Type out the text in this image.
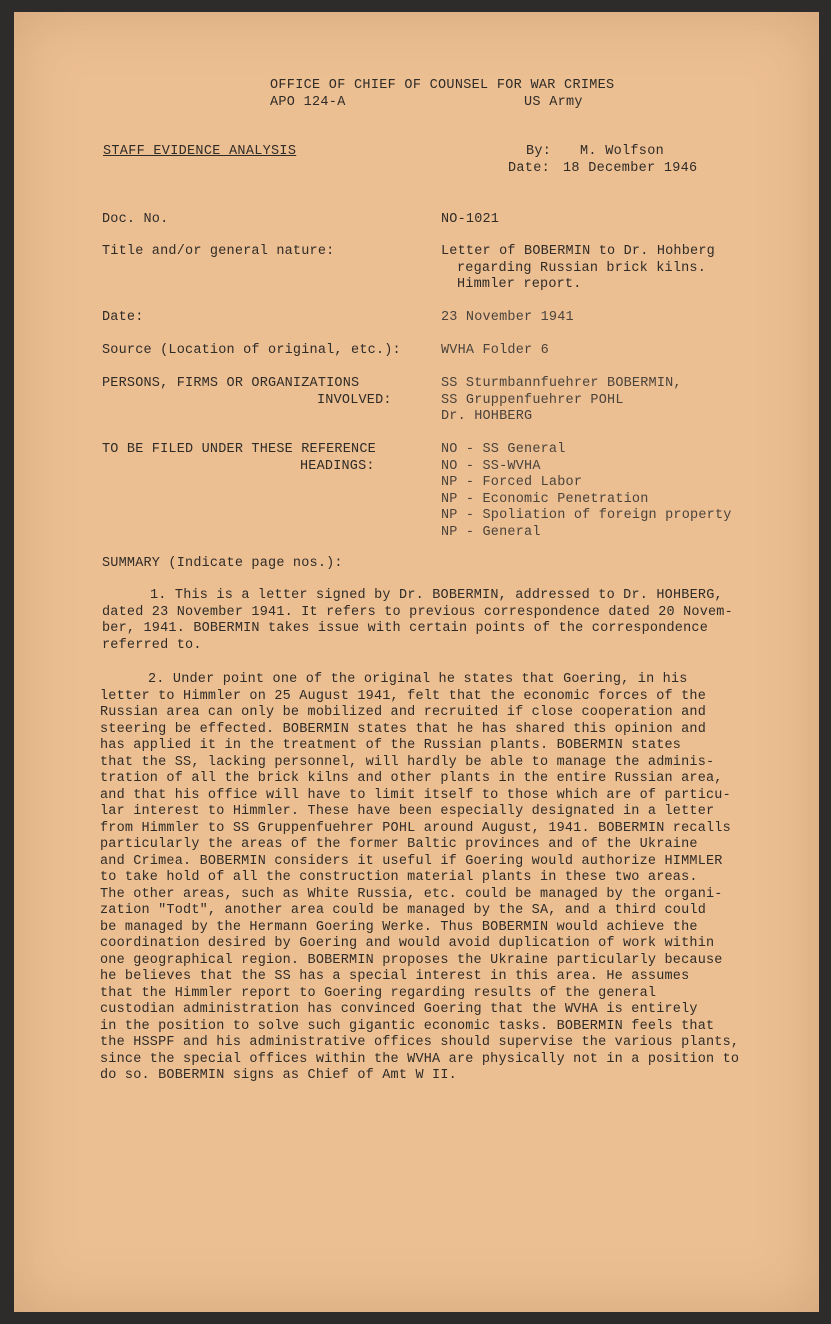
OFFICE OF CHIEF OF COUNSEL FOR WAR CRIMES
APO 124-A	US Army
STAFF EVIDENCE ANALYSIS	By: M. Wolfson
Date: 18 December 1946
Doc. No.	NO-1021
Title and/or general nature:	Letter of BOBERMIN to Dr. Hohberg
regarding Russian brick kilns.
Himmler report.
Date:	23 November 1941
Source (Location of original, etc.):	WVHA Folder 6
PERSONS, FIRMS OR ORGANIZATIONS
INVOLVED:
SS Sturmbannfuehrer BOBERMIN,
SS Gruppenfuehrer POHL
Dr. HOHBERG
TO BE FILED UNDER THESE REFERENCE
HEADINGS:
NO - SS General
NO - SS-WVHA
NP - Forced Labor
NP - Economic Penetration
NP - Spoliation of foreign property
NP - General
SUMMARY (Indicate page nos.):
1. This is a letter signed by Dr. BOBERMIN, addressed to Dr. HOHBERG,
dated 23 November 1941. It refers to previous correspondence dated 20 Novem-
ber, 1941. BOBERMIN takes issue with certain points of the correspondence
referred to.
2. Under point one of the original he states that Goering, in his
letter to Himmler on 25 August 1941, felt that the economic forces of the
Russian area can only be mobilized and recruited if close cooperation and
steering be effected. BOBERMIN states that he has shared this opinion and
has applied it in the treatment of the Russian plants. BOBERMIN states
that the SS, lacking personnel, will hardly be able to manage the adminis-
tration of all the brick kilns and other plants in the entire Russian area,
and that his office will have to limit itself to those which are of particu-
lar interest to Himmler. These have been especially designated in a letter
from Himmler to SS Gruppenfuehrer POHL around August, 1941. BOBERMIN recalls
particularly the areas of the former Baltic provinces and of the Ukraine
and Crimea. BOBERMIN considers it useful if Goering would authorize HIMMLER
to take hold of all the construction material plants in these two areas.
The other areas, such as White Russia, etc. could be managed by the organi-
zation "Todt", another area could be managed by the SA, and a third could
be managed by the Hermann Goering Werke. Thus BOBERMIN would achieve the
coordination desired by Goering and would avoid duplication of work within
one geographical region. BOBERMIN proposes the Ukraine particularly because
he believes that the SS has a special interest in this area. He assumes
that the Himmler report to Goering regarding results of the general
custodian administration has convinced Goering that the WVHA is entirely
in the position to solve such gigantic economic tasks. BOBERMIN feels that
the HSSPF and his administrative offices should supervise the various plants,
since the special offices within the WVHA are physically not in a position to
do so. BOBERMIN signs as Chief of Amt W II.
